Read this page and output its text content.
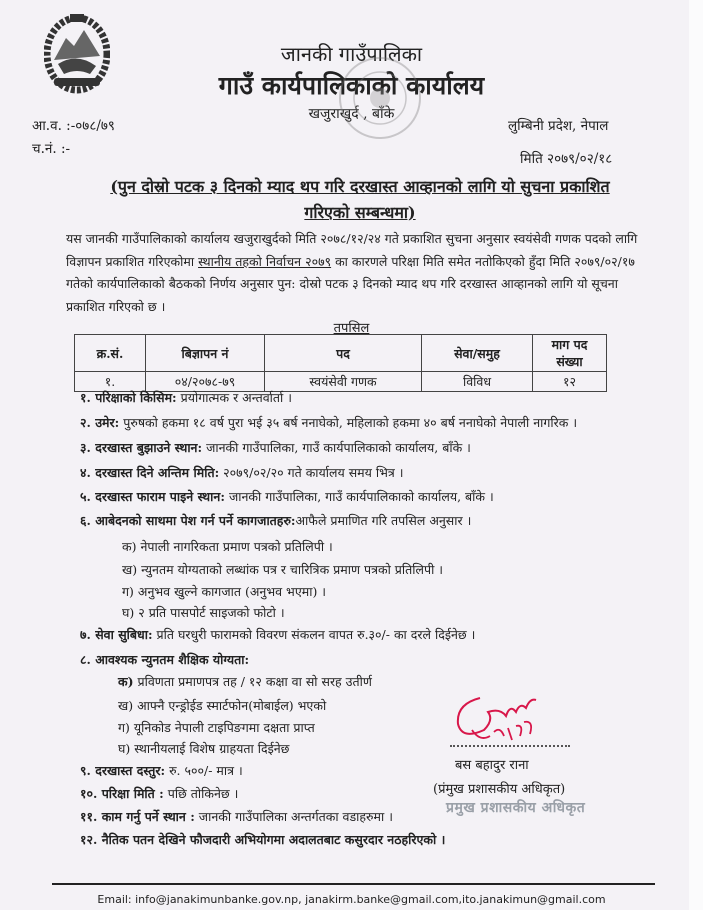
जानकी गाउँपालिका
गाउँ कार्यपालिकाको कार्यालय
खजुराखुर्द , बाँके
आ.व. :-०७८/७९
च.नं. :-
लुम्बिनी प्रदेश, नेपाल
मिति २०७९/०२/१८
(पुन दोस्रो पटक ३ दिनको म्याद थप गरि दरखास्त आव्हानको लागि यो सुचना प्रकाशित
गरिएको सम्बन्धमा)
यस जानकी गाउँपालिकाको कार्यालय खजुराखुर्दको मिति २०७८/१२/२४ गते प्रकाशित सुचना अनुसार स्वयंसेवी गणक पदको लागि विज्ञापन प्रकाशित गरिएकोमा स्थानीय तहको निर्वाचन २०७९ का कारणले परिक्षा मिति समेत नतोकिएको हुँदा मिति २०७९/०२/१७ गतेको कार्यपालिकाको बैठकको निर्णय अनुसार पुन: दोस्रो पटक ३ दिनको म्याद थप गरि दरखास्त आव्हानको लागि यो सूचना प्रकाशित गरिएको छ ।
तपसिल
क्र.सं.	बिज्ञापन नं	पद	सेवा/समुह	माग पद संख्या
१.	०४/२०७८-७९	स्वयंसेवी गणक	विविध	१२
१. परिक्षाको किसिम: प्रयोगात्मक र अन्तर्वार्ता ।
२. उमेर: पुरुषको हकमा १८ वर्ष पुरा भई ३५ बर्ष ननाघेको, महिलाको हकमा ४० बर्ष ननाघेको नेपाली नागरिक ।
३. दरखास्त बुझाउने स्थान: जानकी गाउँपालिका, गाउँ कार्यपालिकाको कार्यालय, बाँके ।
४. दरखास्त दिने अन्तिम मिति: २०७९/०२/२० गते कार्यालय समय भित्र ।
५. दरखास्त फाराम पाइने स्थान: जानकी गाउँपालिका, गाउँ कार्यपालिकाको कार्यालय, बाँके ।
६. आबेदनको साथमा पेश गर्न पर्ने कागजातहरु:आफैले प्रमाणित गरि तपसिल अनुसार ।
क) नेपाली नागरिकता प्रमाण पत्रको प्रतिलिपी ।
ख) न्युनतम योग्यताको लब्धांक पत्र र चारित्रिक प्रमाण पत्रको प्रतिलिपी ।
ग) अनुभव खुल्ने कागजात (अनुभव भएमा) ।
घ) २ प्रति पासपोर्ट साइजको फोटो ।
७. सेवा सुबिधा: प्रति घरधुरी फारामको विवरण संकलन वापत रु.३०/- का दरले दिईनेछ ।
८. आवश्यक न्युनतम शैक्षिक योग्यता:
क) प्रविणता प्रमाणपत्र तह / १२ कक्षा वा सो सरह उतीर्ण
ख) आफ्नै एन्ड्रोईड स्मार्टफोन(मोबाईल) भएको
ग) यूनिकोड नेपाली टाइपिङगमा दक्षता प्राप्त
घ) स्थानीयलाई विशेष ग्राहयता दिईनेछ
९. दरखास्त दस्तुर: रु. ५००/- मात्र ।
१०. परिक्षा मिति : पछि तोकिनेछ ।
११. काम गर्नु पर्ने स्थान : जानकी गाउँपालिका अन्तर्गतका वडाहरुमा ।
१२. नैतिक पतन देखिने फौजदारी अभियोगमा अदालतबाट कसुरदार नठहरिएको ।
बस बहादुर राना
(प्रंमुख प्रशासकीय अधिकृत)
प्रमुख प्रशासकीय अधिकृत
Email: info@janakimunbanke.gov.np, janakirm.banke@gmail.com,ito.janakimun@gmail.com
